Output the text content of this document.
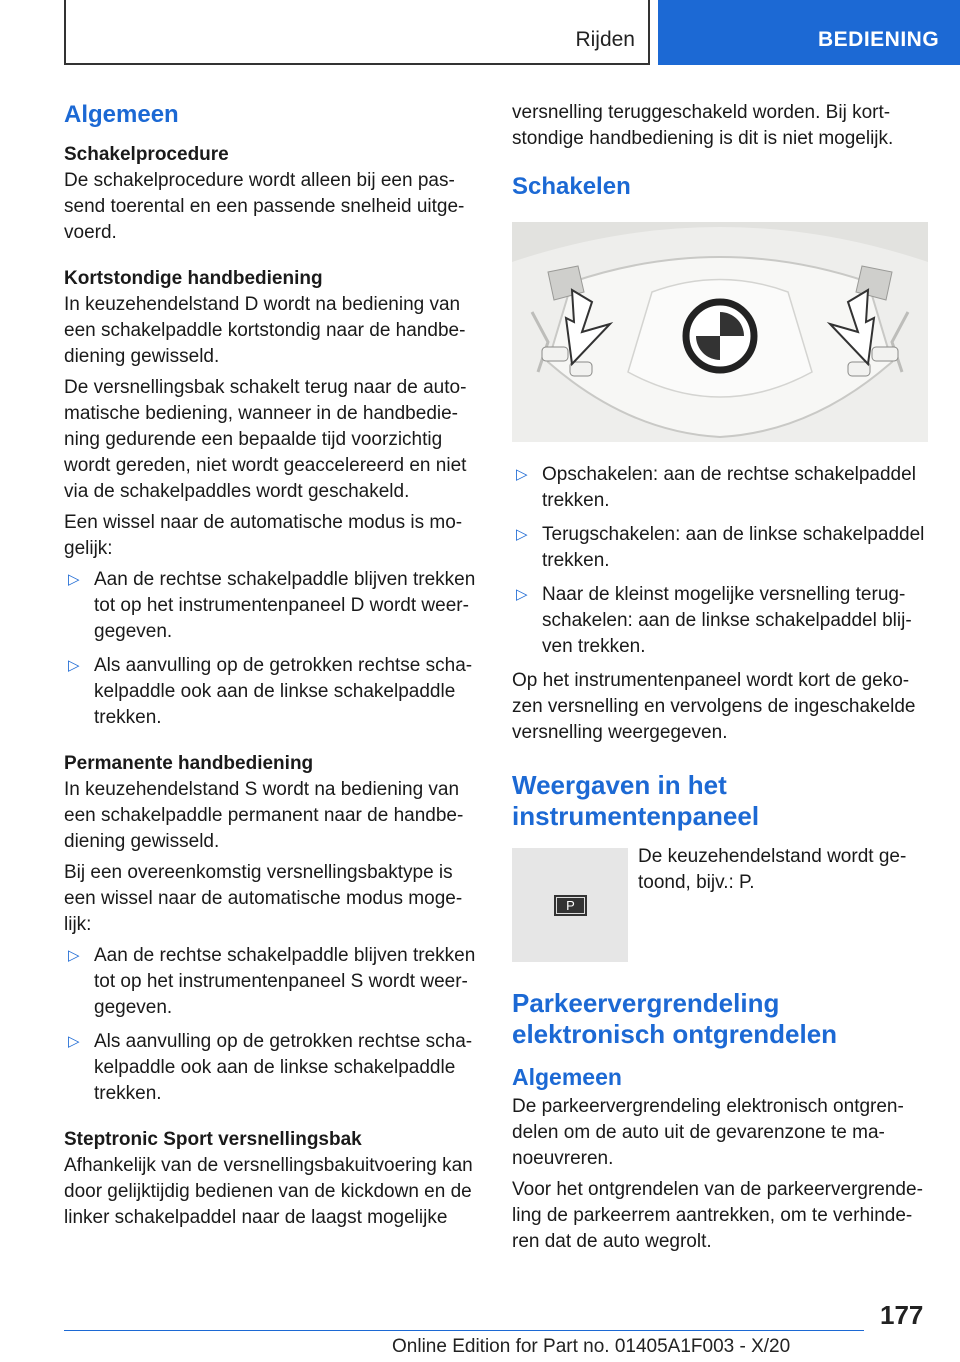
Rijden	BEDIENING
Algemeen
Schakelprocedure

De schakelprocedure wordt alleen bij een pas-send toerental en een passende snelheid uitge-voerd.

Kortstondige handbediening

In keuzehendelstand D wordt na bediening van een schakelpaddle kortstondig naar de handbe-diening gewisseld.

De versnellingsbak schakelt terug naar de auto-matische bediening, wanneer in de handbedie-ning gedurende een bepaalde tijd voorzichtig wordt gereden, niet wordt geaccelereerd en niet via de schakelpaddles wordt geschakeld.

Een wissel naar de automatische modus is mo-gelijk:

▷ Aan de rechtse schakelpaddle blijven trekken tot op het instrumentenpaneel D wordt weer-gegeven.
▷ Als aanvulling op de getrokken rechtse scha-kelpaddle ook aan de linkse schakelpaddle trekken.
Permanente handbediening

In keuzehendelstand S wordt na bediening van een schakelpaddle permanent naar de handbe-diening gewisseld.

Bij een overeenkomstig versnellingsbaktype is een wissel naar de automatische modus moge-lijk:

▷ Aan de rechtse schakelpaddle blijven trekken tot op het instrumentenpaneel S wordt weer-gegeven.
▷ Als aanvulling op de getrokken rechtse scha-kelpaddle ook aan de linkse schakelpaddle trekken.
Steptronic Sport versnellingsbak

Afhankelijk van de versnellingsbakuitvoering kan door gelijktijdig bedienen van de kickdown en de linker schakelpaddel naar de laagst mogelijke

versnelling teruggeschakeld worden. Bij kort-stondige handbediening is dit is niet mogelijk.

Schakelen
▷ Opschakelen: aan de rechtse schakelpaddel trekken.
▷ Terugschakelen: aan de linkse schakelpaddel trekken.
▷ Naar de kleinst mogelijke versnelling terug-schakelen: aan de linkse schakelpaddel blij-ven trekken.

Op het instrumentenpaneel wordt kort de geko-zen versnelling en vervolgens de ingeschakelde versnelling weergegeven.

Weergaven in het instrumentenpaneel
P

De keuzehendelstand wordt ge-toond, bijv.: P.

Parkeervergrendeling elektronisch ontgrendelen
Algemeen

De parkeervergrendeling elektronisch ontgren-delen om de auto uit de gevarenzone te ma-noeuvreren.

Voor het ontgrendelen van de parkeervergrende-ling de parkeerrem aantrekken, om te verhinde-ren dat de auto wegrolt.

177
Online Edition for Part no. 01405A1F003 - X/20
